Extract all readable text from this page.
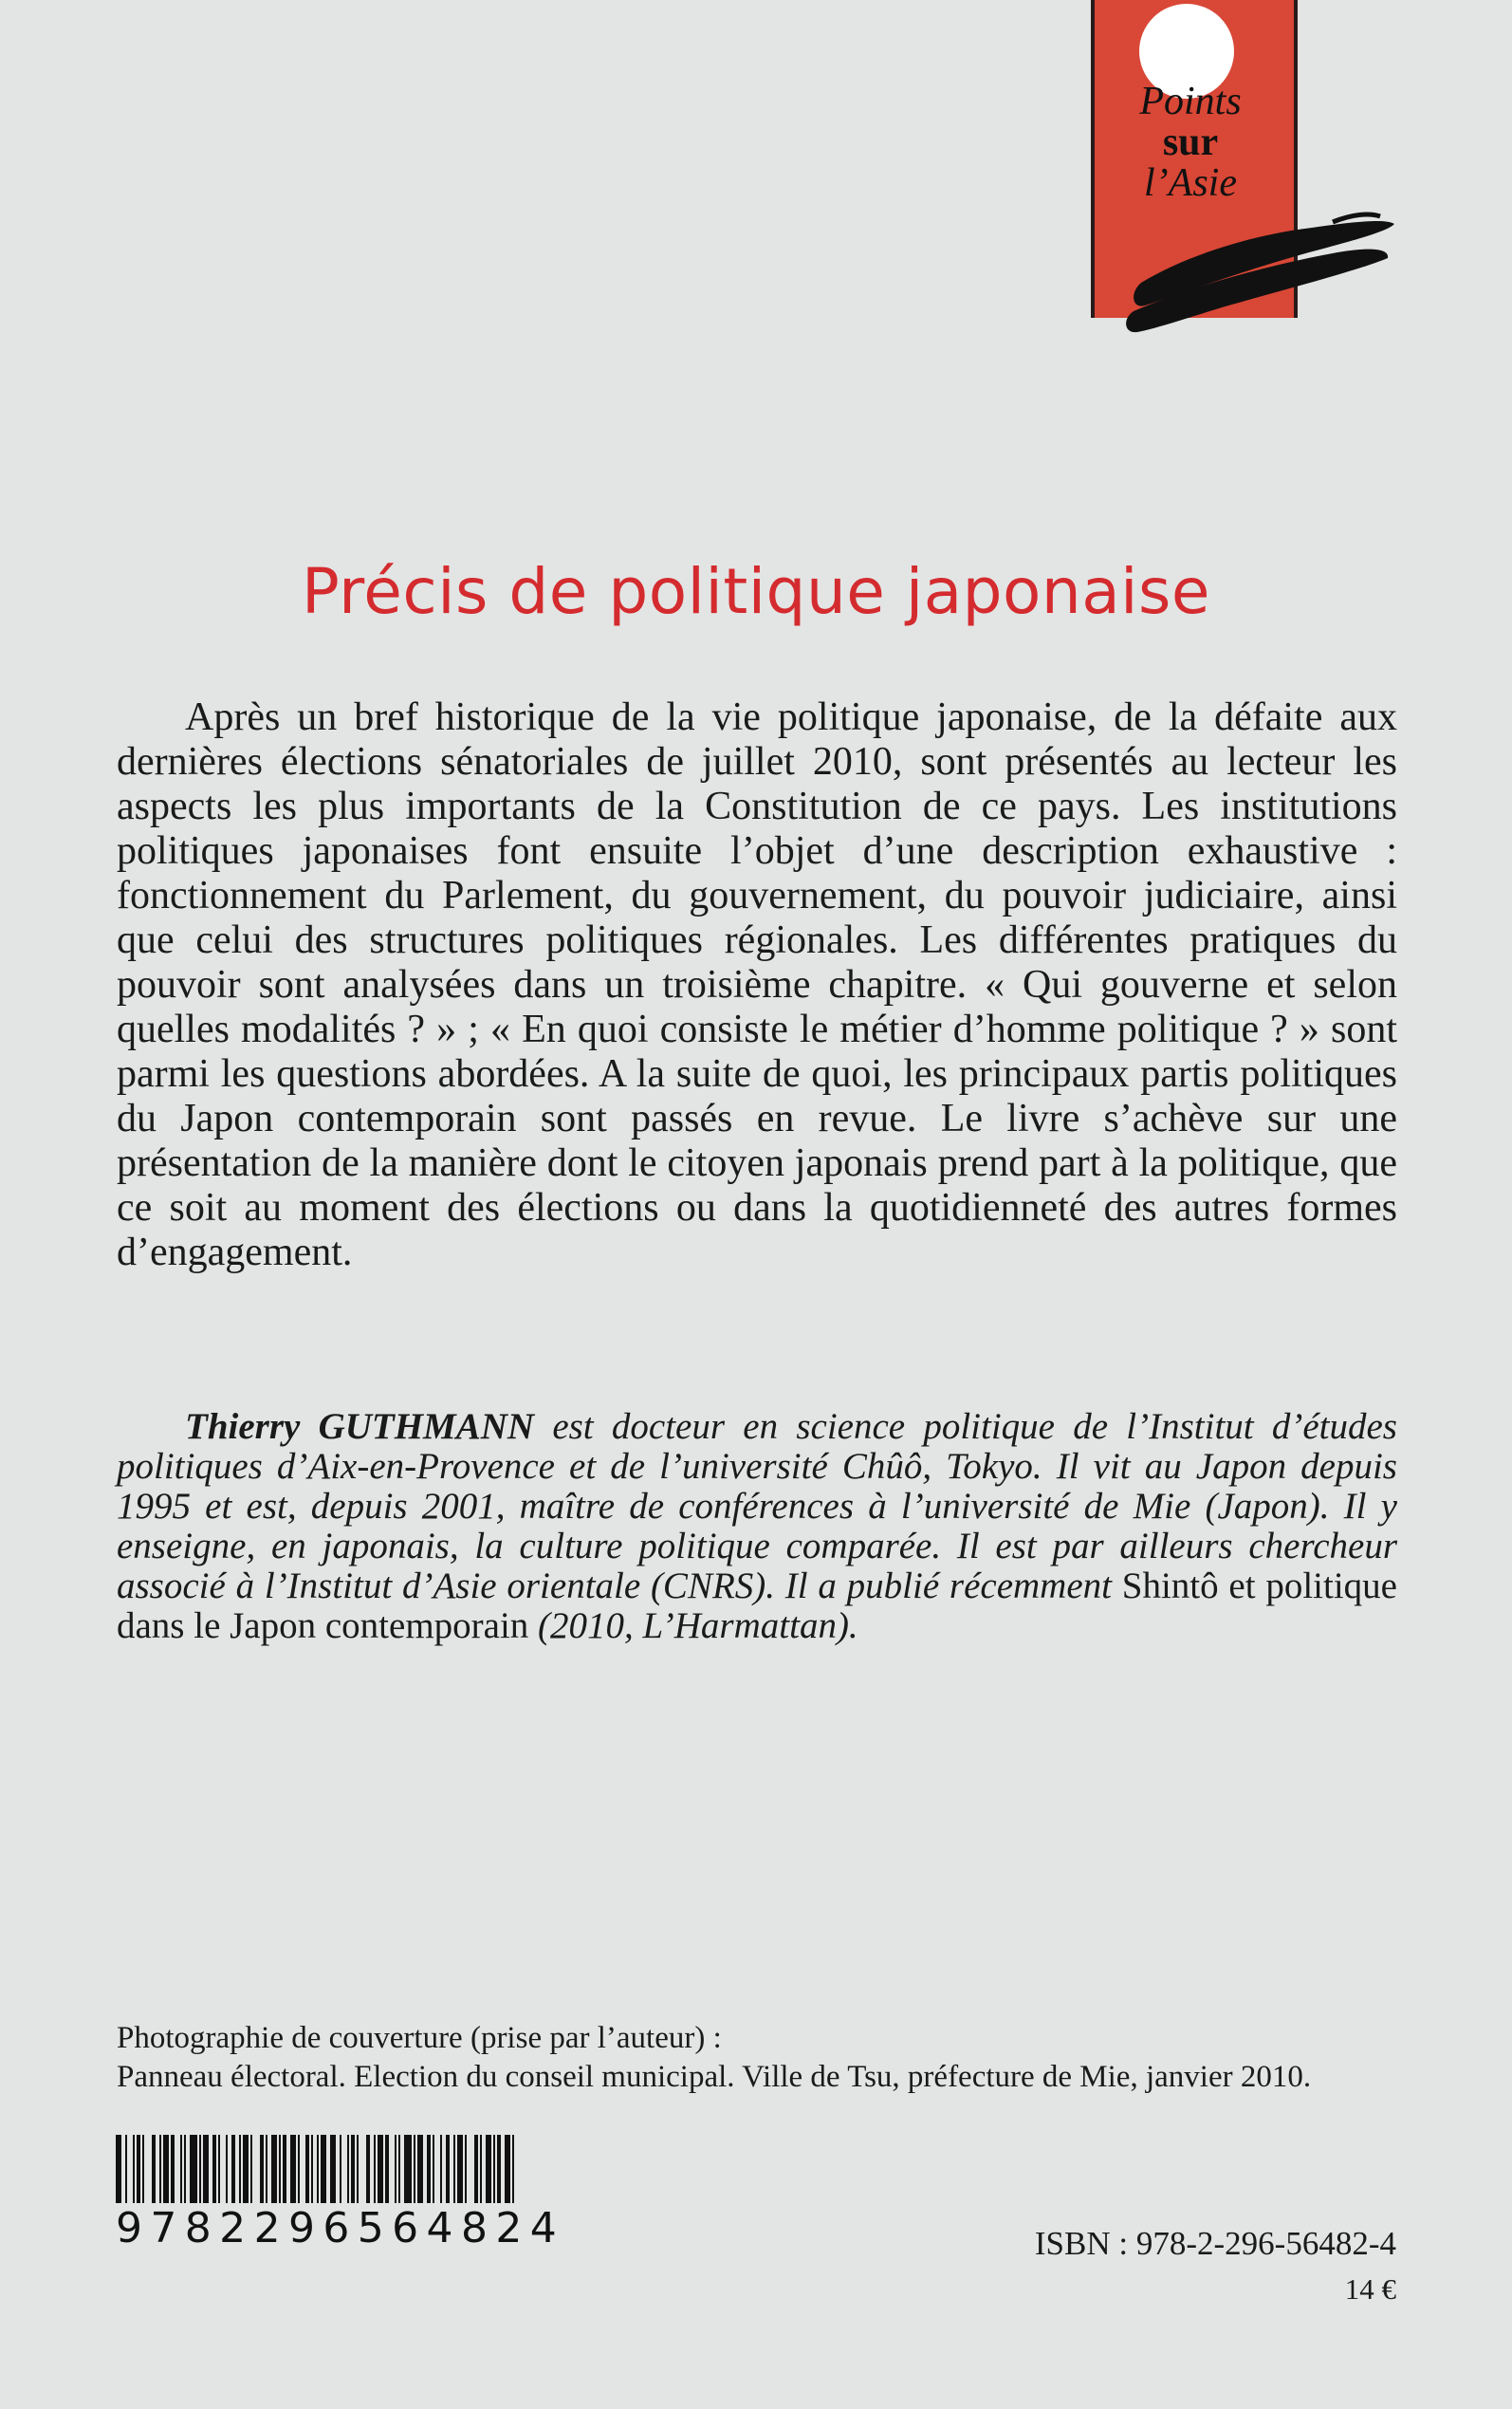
Points
sur
l’Asie
Précis de politique japonaise
Après un bref historique de la vie politique japonaise, de la défaite aux dernières élections sénatoriales de juillet 2010, sont présentés au lecteur les aspects les plus importants de la Constitution de ce pays. Les institutions politiques japonaises font ensuite l’objet d’une description exhaustive : fonctionnement du Parlement, du gouvernement, du pouvoir judiciaire, ainsi que celui des structures politiques régionales. Les différentes pratiques du pouvoir sont analysées dans un troisième chapitre. « Qui gouverne et selon quelles modalités ? » ; « En quoi consiste le métier d’homme politique ? » sont parmi les questions abordées. A la suite de quoi, les principaux partis politiques du Japon contemporain sont passés en revue. Le livre s’achève sur une présentation de la manière dont le citoyen japonais prend part à la politique, que ce soit au moment des élections ou dans la quotidienneté des autres formes d’engagement.
Thierry GUTHMANN est docteur en science politique de l’Institut d’études politiques d’Aix-en-Provence et de l’université Chûô, Tokyo. Il vit au Japon depuis 1995 et est, depuis 2001, maître de conférences à l’université de Mie (Japon). Il y enseigne, en japonais, la culture politique comparée. Il est par ailleurs chercheur associé à l’Institut d’Asie orientale (CNRS). Il a publié récemment Shintô et politique dans le Japon contemporain (2010, L’Harmattan).
Photographie de couverture (prise par l’auteur) :
Panneau électoral. Election du conseil municipal. Ville de Tsu, préfecture de Mie, janvier 2010.
9782296564824	ISBN : 978-2-296-56482-4
14 €
